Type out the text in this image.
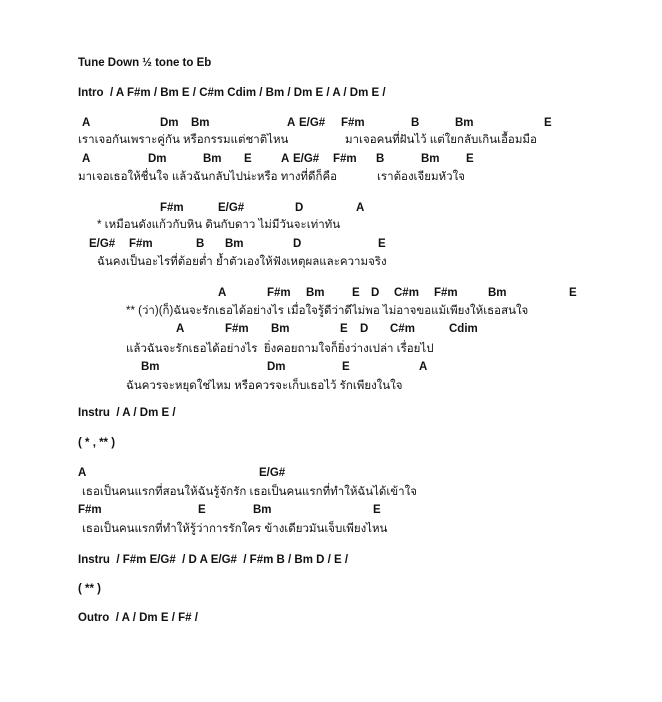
Tune Down ½ tone to Eb
Intro  / A F#m / Bm E / C#m Cdim / Bm / Dm E / A / Dm E /
A	Dm Bm	A E/G# F#m	B	Bm	E
เราเจอกันเพราะคู่กัน หรือกรรมแต่ชาติไหน	มาเจอคนที่ฝันไว้ แต่ใยกลับเกินเอื้อมมือ
A	Dm	Bm E	A E/G# F#m B	Bm E
มาเจอเธอให้ชื่นใจ แล้วฉันกลับไปน่ะหรือ ทางที่ดีก็คือ	เราต้องเจียมหัวใจ
F#m	E/G#	D	A
* เหมือนดังแก้วกับหิน ดินกับดาว ไม่มีวันจะเท่าทัน
E/G# F#m	B Bm	D	E
ฉันคงเป็นอะไรที่ต้อยต่ำ ย้ำตัวเองให้ฟังเหตุผลและความจริง
A	F#m Bm E D C#m F#m	Bm	E
** (ว่า)(ก็)ฉันจะรักเธอได้อย่างไร เมื่อใจรู้ดีว่าดีไม่พอ ไม่อาจขอแม้เพียงให้เธอสนใจ
A	F#m Bm	E D C#m	Cdim
แล้วฉันจะรักเธอได้อย่างไร  ยิ่งคอยถามใจก็ยิ่งว่างเปล่า เรื่อยไป
Bm	Dm	E	A
ฉันควรจะหยุดใช่ไหม หรือควรจะเก็บเธอไว้ รักเพียงในใจ
Instru  / A / Dm E /
( * , ** )
A	E/G#
เธอเป็นคนแรกที่สอนให้ฉันรู้จักรัก เธอเป็นคนแรกที่ทำให้ฉันได้เข้าใจ
F#m	E	Bm	E
เธอเป็นคนแรกที่ทำให้รู้ว่าการรักใคร ข้างเดียวมันเจ็บเพียงไหน
Instru  / F#m E/G#  / D A E/G#  / F#m B / Bm D / E /
( ** )
Outro  / A / Dm E / F# /
